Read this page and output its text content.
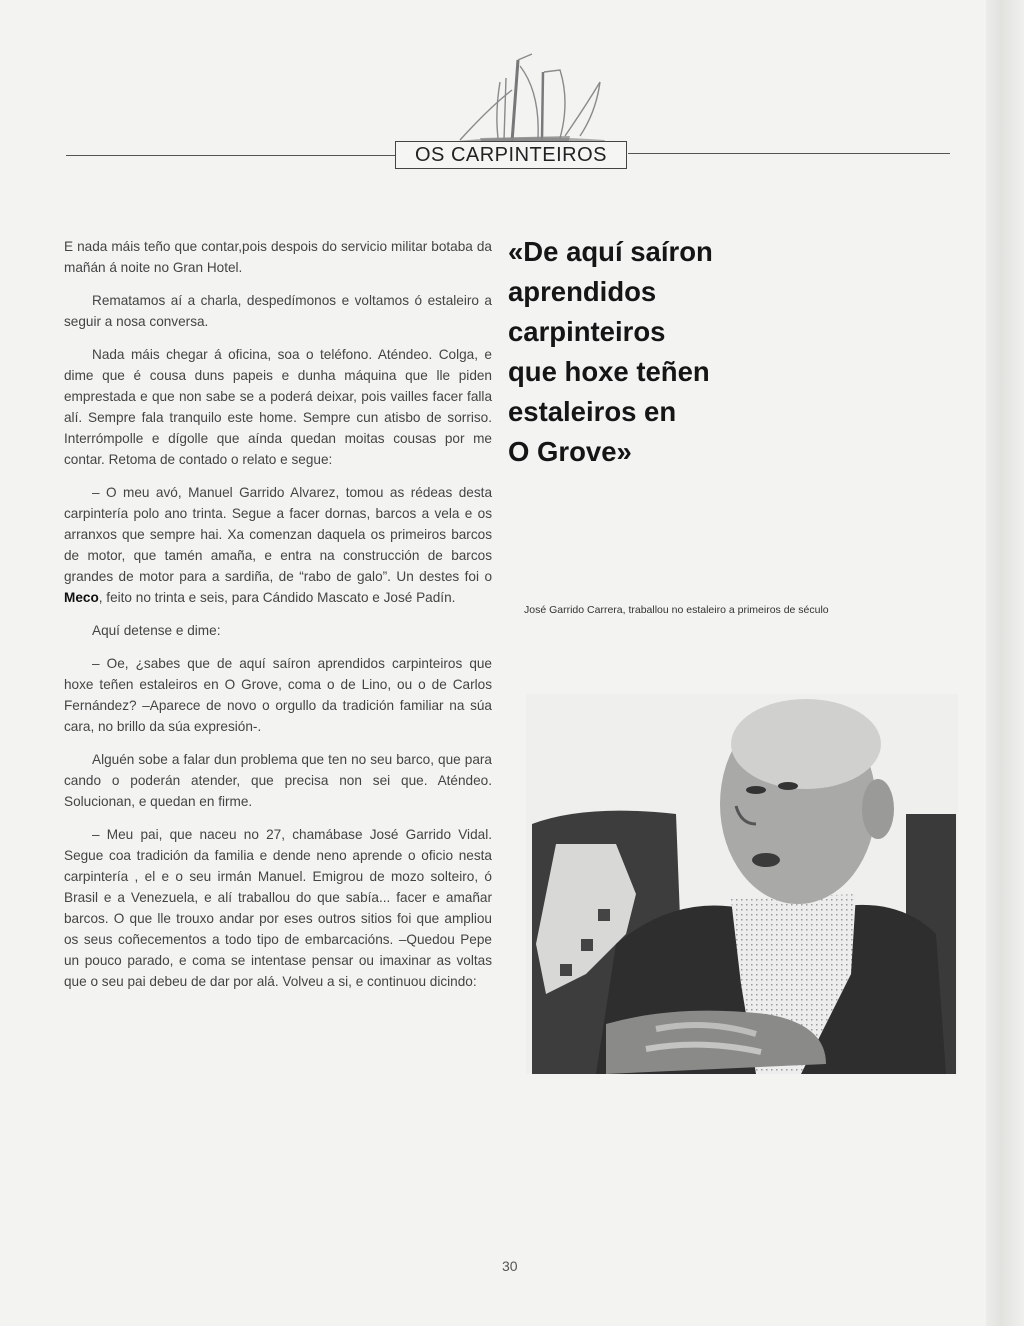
OS CARPINTEIROS

E nada máis teño que contar,pois despois do servicio militar botaba da mañán á noite no Gran Hotel.

Rematamos aí a charla, despedímonos e voltamos ó estaleiro a seguir a nosa conversa.

Nada máis chegar á oficina, soa o teléfono. Aténdeo. Colga, e dime que é cousa duns papeis e dunha máquina que lle piden emprestada e que non sabe se a poderá deixar, pois vailles facer falla alí. Sempre fala tranquilo este home. Sempre cun atisbo de sorriso. Interrómpolle e dígolle que aínda quedan moitas cousas por me contar. Retoma de contado o relato e segue:

– O meu avó, Manuel Garrido Alvarez, tomou as rédeas desta carpintería polo ano trinta. Segue a facer dornas, barcos a vela e os arranxos que sempre hai. Xa comenzan daquela os primeiros barcos de motor, que tamén amaña, e entra na construcción de barcos grandes de motor para a sardiña, de “rabo de galo”. Un destes foi o Meco, feito no trinta e seis, para Cándido Mascato e José Padín.

Aquí detense e dime:

– Oe, ¿sabes que de aquí saíron aprendidos carpinteiros que hoxe teñen estaleiros en O Grove, coma o de Lino, ou o de Carlos Fernández? –Aparece de novo o orgullo da tradición familiar na súa cara, no brillo da súa expresión-.

Alguén sobe a falar dun problema que ten no seu barco, que para cando o poderán atender, que precisa non sei que. Aténdeo. Solucionan, e quedan en firme.

– Meu pai, que naceu no 27, chamábase José Garrido Vidal. Segue coa tradición da familia e dende neno aprende o oficio nesta carpintería , el e o seu irmán Manuel. Emigrou de mozo solteiro, ó Brasil e a Venezuela, e alí traballou do que sabía... facer e amañar barcos. O que lle trouxo andar por eses outros sitios foi que ampliou os seus coñecementos a todo tipo de embarcacións. –Quedou Pepe un pouco parado, e coma se intentase pensar ou imaxinar as voltas que o seu pai debeu de dar por alá. Volveu a si, e continuou dicindo:

«De aquí saíron
aprendidos
carpinteiros
que hoxe teñen
estaleiros en
O Grove»
José Garrido Carrera, traballou no estaleiro a primeiros de século
30
